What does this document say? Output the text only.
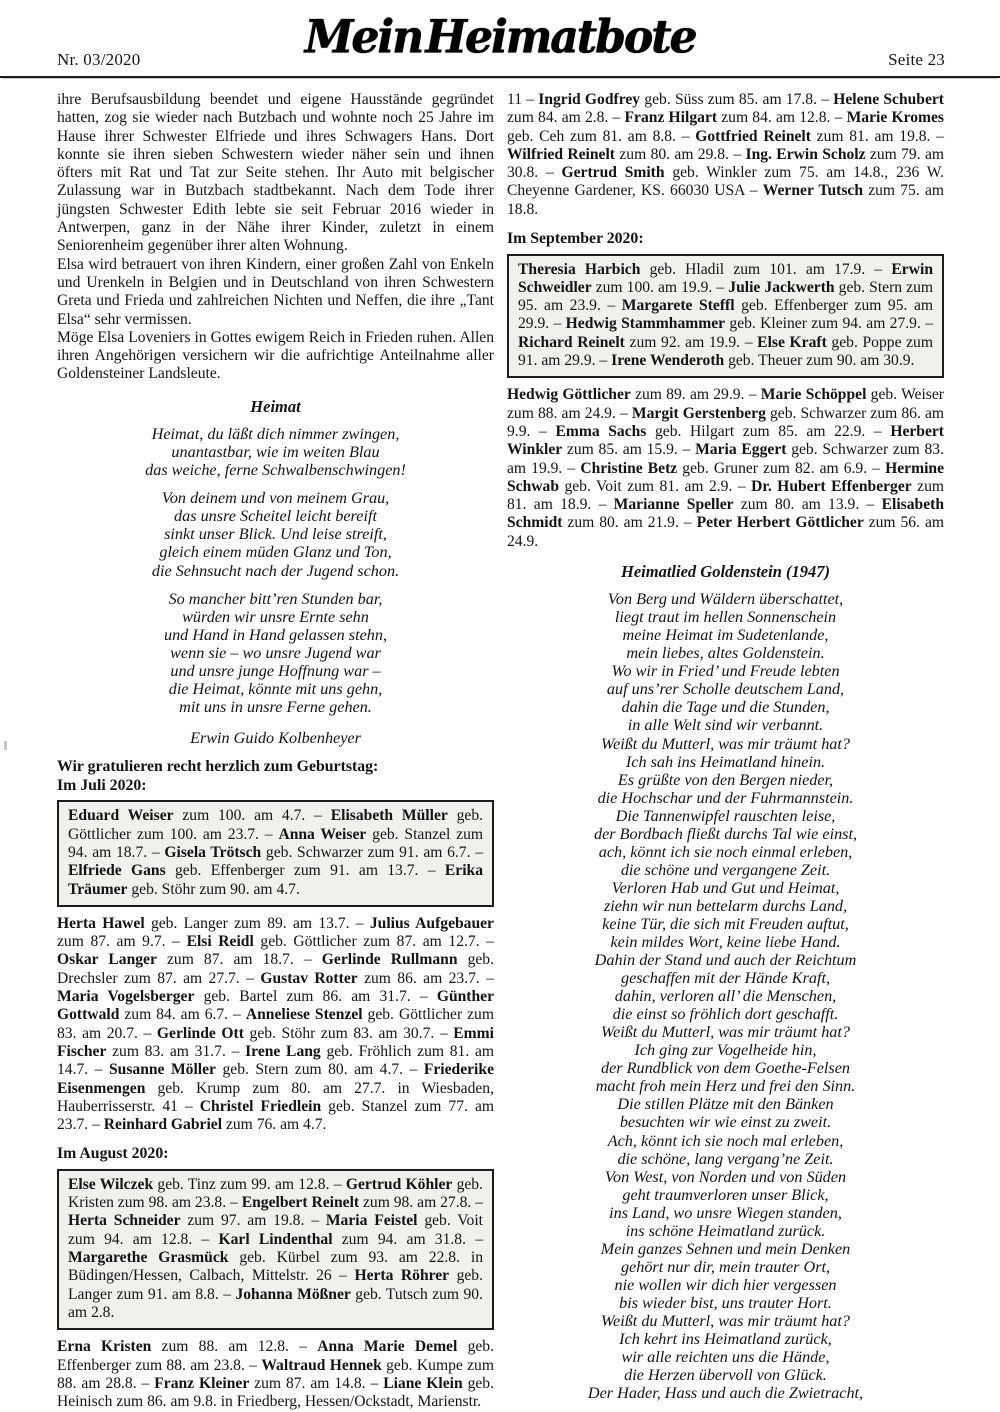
Nr. 03/2020	Mein Heimatbote	Seite 23

ihre Berufsausbildung beendet und eigene Hausstände gegründet hatten, zog sie wieder nach Butzbach und wohnte noch 25 Jahre im Hause ihrer Schwester Elfriede und ihres Schwagers Hans. Dort konnte sie ihren sieben Schwestern wieder näher sein und ihnen öfters mit Rat und Tat zur Seite stehen. Ihr Auto mit belgischer Zulassung war in Butzbach stadtbekannt. Nach dem Tode ihrer jüngsten Schwester Edith lebte sie seit Februar 2016 wieder in Antwerpen, ganz in der Nähe ihrer Kinder, zuletzt in einem Seniorenheim gegenüber ihrer alten Wohnung.

Elsa wird betrauert von ihren Kindern, einer großen Zahl von Enkeln und Urenkeln in Belgien und in Deutschland von ihren Schwestern Greta und Frieda und zahlreichen Nichten und Neffen, die ihre „Tant Elsa“ sehr vermissen.

Möge Elsa Loveniers in Gottes ewigem Reich in Frieden ruhen. Allen ihren Angehörigen versichern wir die aufrichtige Anteilnahme aller Goldensteiner Landsleute.

Heimat
Heimat, du läßt dich nimmer zwingen,
unantastbar, wie im weiten Blau
das weiche, ferne Schwalbenschwingen!
Von deinem und von meinem Grau,
das unsre Scheitel leicht bereift
sinkt unser Blick. Und leise streift,
gleich einem müden Glanz und Ton,
die Sehnsucht nach der Jugend schon.
So mancher bitt’ren Stunden bar,
würden wir unsre Ernte sehn
und Hand in Hand gelassen stehn,
wenn sie – wo unsre Jugend war
und unsre junge Hoffnung war –
die Heimat, könnte mit uns gehn,
mit uns in unsre Ferne gehen.
Erwin Guido Kolbenheyer
Wir gratulieren recht herzlich zum Geburtstag:
Im Juli 2020:

Eduard Weiser zum 100. am 4.7. – Elisabeth Müller geb. Göttlicher zum 100. am 23.7. – Anna Weiser geb. Stanzel zum 94. am 18.7. – Gisela Trötsch geb. Schwarzer zum 91. am 6.7. – Elfriede Gans geb. Effenberger zum 91. am 13.7. – Erika Träumer geb. Stöhr zum 90. am 4.7.

Herta Hawel geb. Langer zum 89. am 13.7. – Julius Aufgebauer zum 87. am 9.7. – Elsi Reidl geb. Göttlicher zum 87. am 12.7. – Oskar Langer zum 87. am 18.7. – Gerlinde Rullmann geb. Drechsler zum 87. am 27.7. – Gustav Rotter zum 86. am 23.7. – Maria Vogelsberger geb. Bartel zum 86. am 31.7. – Günther Gottwald zum 84. am 6.7. – Anneliese Stenzel geb. Göttlicher zum 83. am 20.7. – Gerlinde Ott geb. Stöhr zum 83. am 30.7. – Emmi Fischer zum 83. am 31.7. – Irene Lang geb. Fröhlich zum 81. am 14.7. – Susanne Möller geb. Stern zum 80. am 4.7. – Friederike Eisenmengen geb. Krump zum 80. am 27.7. in Wiesbaden, Hauberrisserstr. 41 – Christel Friedlein geb. Stanzel zum 77. am 23.7. – Reinhard Gabriel zum 76. am 4.7.

Im August 2020:

Else Wilczek geb. Tinz zum 99. am 12.8. – Gertrud Köhler geb. Kristen zum 98. am 23.8. – Engelbert Reinelt zum 98. am 27.8. – Herta Schneider zum 97. am 19.8. – Maria Feistel geb. Voit zum 94. am 12.8. – Karl Lindenthal zum 94. am 31.8. – Margarethe Grasmück geb. Kürbel zum 93. am 22.8. in Büdingen/Hessen, Calbach, Mittelstr. 26 – Herta Röhrer geb. Langer zum 91. am 8.8. – Johanna Mößner geb. Tutsch zum 90. am 2.8.

Erna Kristen zum 88. am 12.8. – Anna Marie Demel geb. Effenberger zum 88. am 23.8. – Waltraud Hennek geb. Kumpe zum 88. am 28.8. – Franz Kleiner zum 87. am 14.8. – Liane Klein geb. Heinisch zum 86. am 9.8. in Friedberg, Hessen/Ockstadt, Marienstr.

11 – Ingrid Godfrey geb. Süss zum 85. am 17.8. – Helene Schubert zum 84. am 2.8. – Franz Hilgart zum 84. am 12.8. – Marie Kromes geb. Ceh zum 81. am 8.8. – Gottfried Reinelt zum 81. am 19.8. – Wilfried Reinelt zum 80. am 29.8. – Ing. Erwin Scholz zum 79. am 30.8. – Gertrud Smith geb. Winkler zum 75. am 14.8., 236 W. Cheyenne Gardener, KS. 66030 USA – Werner Tutsch zum 75. am 18.8.

Im September 2020:

Theresia Harbich geb. Hladil zum 101. am 17.9. – Erwin Schweidler zum 100. am 19.9. – Julie Jackwerth geb. Stern zum 95. am 23.9. – Margarete Steffl geb. Effenberger zum 95. am 29.9. – Hedwig Stammhammer geb. Kleiner zum 94. am 27.9. – Richard Reinelt zum 92. am 19.9. – Else Kraft geb. Poppe zum 91. am 29.9. – Irene Wenderoth geb. Theuer zum 90. am 30.9.

Hedwig Göttlicher zum 89. am 29.9. – Marie Schöppel geb. Weiser zum 88. am 24.9. – Margit Gerstenberg geb. Schwarzer zum 86. am 9.9. – Emma Sachs geb. Hilgart zum 85. am 22.9. – Herbert Winkler zum 85. am 15.9. – Maria Eggert geb. Schwarzer zum 83. am 19.9. – Christine Betz geb. Gruner zum 82. am 6.9. – Hermine Schwab geb. Voit zum 81. am 2.9. – Dr. Hubert Effenberger zum 81. am 18.9. – Marianne Speller zum 80. am 13.9. – Elisabeth Schmidt zum 80. am 21.9. – Peter Herbert Göttlicher zum 56. am 24.9.

Heimatlied Goldenstein (1947)
Von Berg und Wäldern überschattet,
liegt traut im hellen Sonnenschein
meine Heimat im Sudetenlande,
mein liebes, altes Goldenstein.
Wo wir in Fried’ und Freude lebten
auf uns’rer Scholle deutschem Land,
dahin die Tage und die Stunden,
in alle Welt sind wir verbannt.
Weißt du Mutterl, was mir träumt hat?
Ich sah ins Heimatland hinein.
Es grüßte von den Bergen nieder,
die Hochschar und der Fuhrmannstein.
Die Tannenwipfel rauschten leise,
der Bordbach fließt durchs Tal wie einst,
ach, könnt ich sie noch einmal erleben,
die schöne und vergangene Zeit.
Verloren Hab und Gut und Heimat,
ziehn wir nun bettelarm durchs Land,
keine Tür, die sich mit Freuden auftut,
kein mildes Wort, keine liebe Hand.
Dahin der Stand und auch der Reichtum
geschaffen mit der Hände Kraft,
dahin, verloren all’ die Menschen,
die einst so fröhlich dort geschafft.
Weißt du Mutterl, was mir träumt hat?
Ich ging zur Vogelheide hin,
der Rundblick von dem Goethe-Felsen
macht froh mein Herz und frei den Sinn.
Die stillen Plätze mit den Bänken
besuchten wir wie einst zu zweit.
Ach, könnt ich sie noch mal erleben,
die schöne, lang vergang’ne Zeit.
Von West, von Norden und von Süden
geht traumverloren unser Blick,
ins Land, wo unsre Wiegen standen,
ins schöne Heimatland zurück.
Mein ganzes Sehnen und mein Denken
gehört nur dir, mein trauter Ort,
nie wollen wir dich hier vergessen
bis wieder bist, uns trauter Hort.
Weißt du Mutterl, was mir träumt hat?
Ich kehrt ins Heimatland zurück,
wir alle reichten uns die Hände,
die Herzen übervoll von Glück.
Der Hader, Hass und auch die Zwietracht,
